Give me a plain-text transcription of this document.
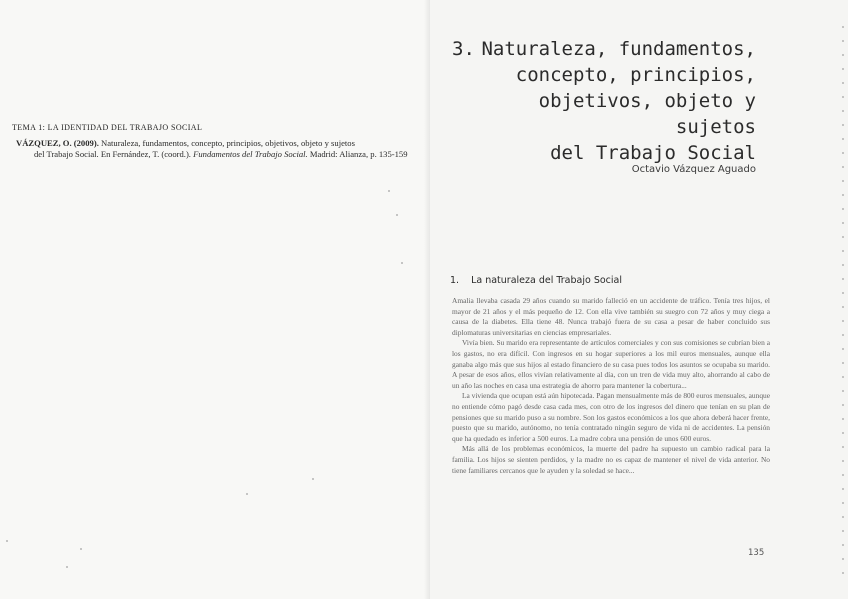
TEMA 1: LA IDENTIDAD DEL TRABAJO SOCIAL
VÁZQUEZ, O. (2009). Naturaleza, fundamentos, concepto, principios, objetivos, objeto y sujetos
del Trabajo Social. En Fernández, T. (coord.). Fundamentos del Trabajo Social. Madrid: Alianza, p. 135-159
3. Naturaleza, fundamentos,
concepto, principios,
objetivos, objeto y sujetos
del Trabajo Social
Octavio Vázquez Aguado
1. La naturaleza del Trabajo Social

Amalia llevaba casada 29 años cuando su marido falleció en un accidente de tráfico. Tenía tres hijos, el mayor de 21 años y el más pequeño de 12. Con ella vive también su suegro con 72 años y muy ciega a causa de la diabetes. Ella tiene 48. Nunca trabajó fuera de su casa a pesar de haber concluido sus diplomaturas universitarias en ciencias empresariales.

Vivía bien. Su marido era representante de artículos comerciales y con sus comisiones se cubrían bien a los gastos, no era difícil. Con ingresos en su hogar superiores a los mil euros mensuales, aunque ella ganaba algo más que sus hijos al estado financiero de su casa pues todos los asuntos se ocupaba su marido. A pesar de esos años, ellos vivían relativamente al día, con un tren de vida muy alto, ahorrando al cabo de un año las noches en casa una estrategia de ahorro para mantener la cobertura...

La vivienda que ocupan está aún hipotecada. Pagan mensualmente más de 800 euros mensuales, aunque no entiende cómo pagó desde casa cada mes, con otro de los ingresos del dinero que tenían en su plan de pensiones que su marido puso a su nombre. Son los gastos económicos a los que ahora deberá hacer frente, puesto que su marido, autónomo, no tenía contratado ningún seguro de vida ni de accidentes. La pensión que ha quedado es inferior a 500 euros. La madre cobra una pensión de unos 600 euros.

Más allá de los problemas económicos, la muerte del padre ha supuesto un cambio radical para la familia. Los hijos se sienten perdidos, y la madre no es capaz de mantener el nivel de vida anterior. No tiene familiares cercanos que le ayuden y la soledad se hace...

135
